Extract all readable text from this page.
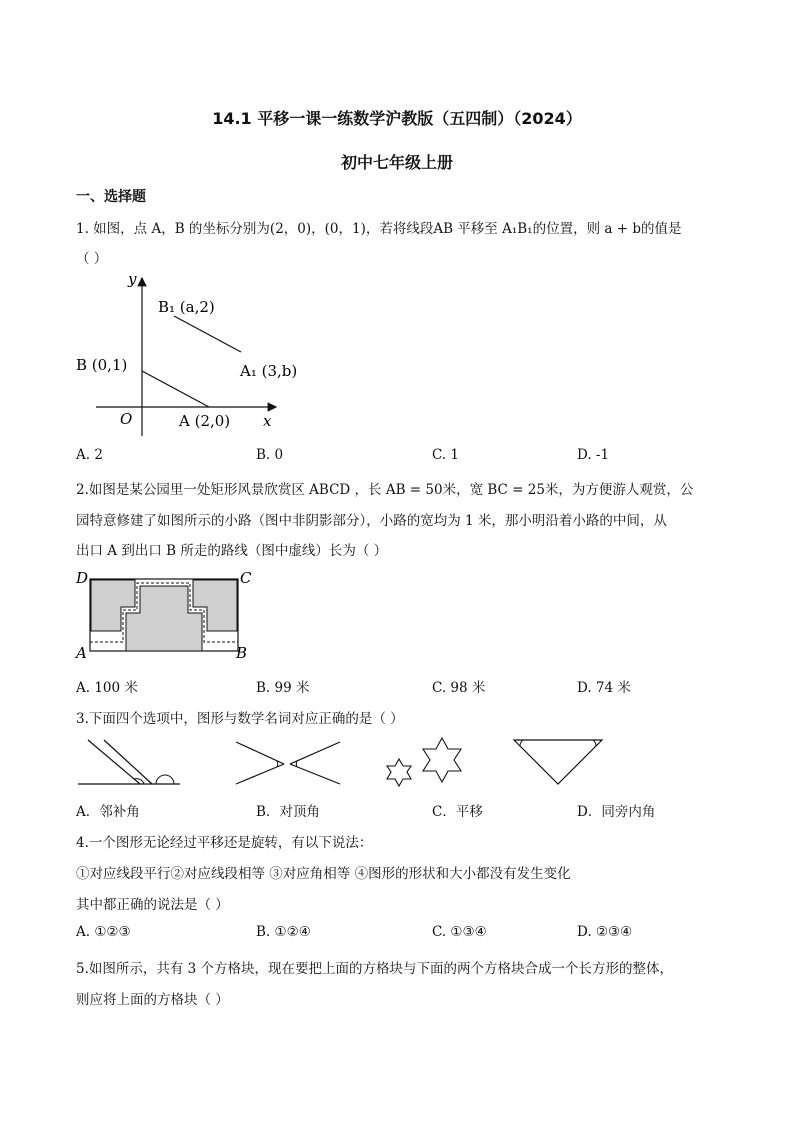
14.1 平移一课一练数学沪教版（五四制）（2024）
初中七年级上册
一、选择题
1. 如图，点 A，B 的坐标分别为(2，0)，(0，1)，若将线段AB 平移至 A₁B₁的位置，则 a + b的值是
（ ）
y
x
O
B₁ (a,2)
B (0,1)	A₁ (3,b)
A (2,0)
A. 2	B. 0	C. 1	D. -1
2.如图是某公园里一处矩形风景欣赏区 ABCD ，长 AB = 50米，宽 BC = 25米，为方便游人观赏，公
园特意修建了如图所示的小路（图中非阴影部分），小路的宽均为 1 米，那小明沿着小路的中间，从
出口 A 到出口 B 所走的路线（图中虚线）长为（ ）
D	C
A	B
A. 100 米	B. 99 米	C. 98 米	D. 74 米
3.下面四个选项中，图形与数学名词对应正确的是（ ）
A．邻补角	B．对顶角	C．平移	D．同旁内角
4.一个图形无论经过平移还是旋转，有以下说法：
①对应线段平行②对应线段相等 ③对应角相等 ④图形的形状和大小都没有发生变化
其中都正确的说法是（ ）
A. ①②③	B. ①②④	C. ①③④	D. ②③④
5.如图所示，共有 3 个方格块，现在要把上面的方格块与下面的两个方格块合成一个长方形的整体，
则应将上面的方格块（ ）
